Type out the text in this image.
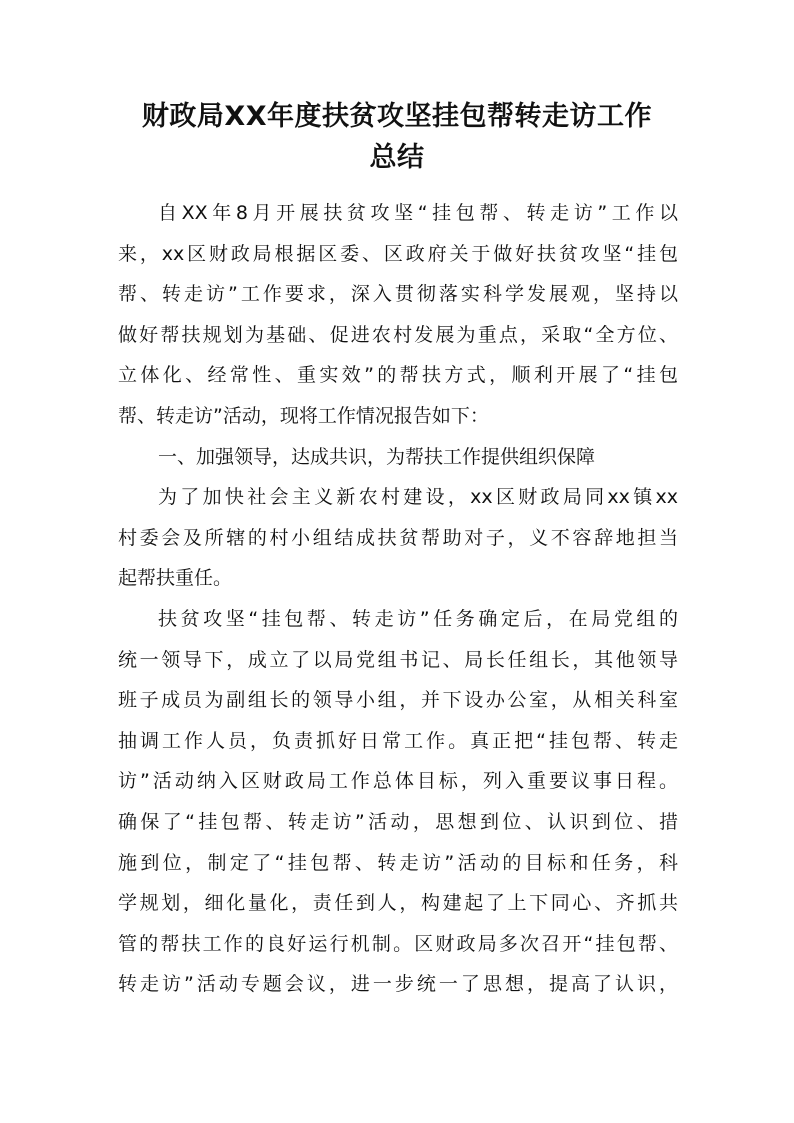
财政局XX年度扶贫攻坚挂包帮转走访工作
总结
自XX年8月开展扶贫攻坚“挂包帮、转走访”工作以
来，xx区财政局根据区委、区政府关于做好扶贫攻坚“挂包
帮、转走访”工作要求，深入贯彻落实科学发展观，坚持以
做好帮扶规划为基础、促进农村发展为重点，采取“全方位、
立体化、经常性、重实效”的帮扶方式，顺利开展了“挂包
帮、转走访”活动，现将工作情况报告如下：
一、加强领导，达成共识，为帮扶工作提供组织保障
为了加快社会主义新农村建设，xx区财政局同xx镇xx
村委会及所辖的村小组结成扶贫帮助对子，义不容辞地担当
起帮扶重任。
扶贫攻坚“挂包帮、转走访”任务确定后，在局党组的
统一领导下，成立了以局党组书记、局长任组长，其他领导
班子成员为副组长的领导小组，并下设办公室，从相关科室
抽调工作人员，负责抓好日常工作。真正把“挂包帮、转走
访”活动纳入区财政局工作总体目标，列入重要议事日程。
确保了“挂包帮、转走访”活动，思想到位、认识到位、措
施到位，制定了“挂包帮、转走访”活动的目标和任务，科
学规划，细化量化，责任到人，构建起了上下同心、齐抓共
管的帮扶工作的良好运行机制。区财政局多次召开“挂包帮、
转走访”活动专题会议，进一步统一了思想，提高了认识，
